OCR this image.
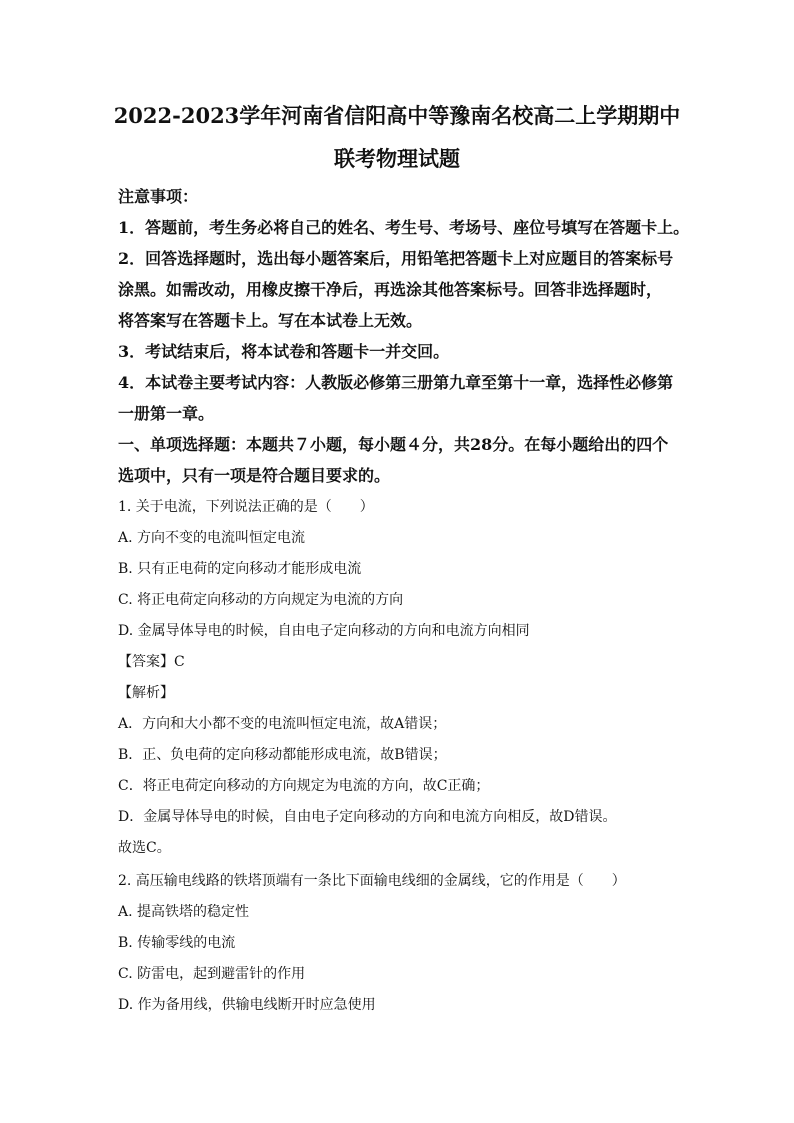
2022-2023学年河南省信阳高中等豫南名校高二上学期期中
联考物理试题
注意事项：
1．答题前，考生务必将自己的姓名、考生号、考场号、座位号填写在答题卡上。
2．回答选择题时，选出每小题答案后，用铅笔把答题卡上对应题目的答案标号
涂黑。如需改动，用橡皮擦干净后，再选涂其他答案标号。回答非选择题时，
将答案写在答题卡上。写在本试卷上无效。
3．考试结束后，将本试卷和答题卡一并交回。
4．本试卷主要考试内容：人教版必修第三册第九章至第十一章，选择性必修第
一册第一章。
一、单项选择题：本题共７小题，每小题４分，共28分。在每小题给出的四个
选项中，只有一项是符合题目要求的。
1. 关于电流，下列说法正确的是（　　）
A. 方向不变的电流叫恒定电流
B. 只有正电荷的定向移动才能形成电流
C. 将正电荷定向移动的方向规定为电流的方向
D. 金属导体导电的时候，自由电子定向移动的方向和电流方向相同
【答案】C
【解析】
A．方向和大小都不变的电流叫恒定电流，故A错误；
B．正、负电荷的定向移动都能形成电流，故B错误；
C．将正电荷定向移动的方向规定为电流的方向，故C正确；
D．金属导体导电的时候，自由电子定向移动的方向和电流方向相反，故D错误。
故选C。
2. 高压输电线路的铁塔顶端有一条比下面输电线细的金属线，它的作用是（　　）
A. 提高铁塔的稳定性
B. 传输零线的电流
C. 防雷电，起到避雷针的作用
D. 作为备用线，供输电线断开时应急使用
